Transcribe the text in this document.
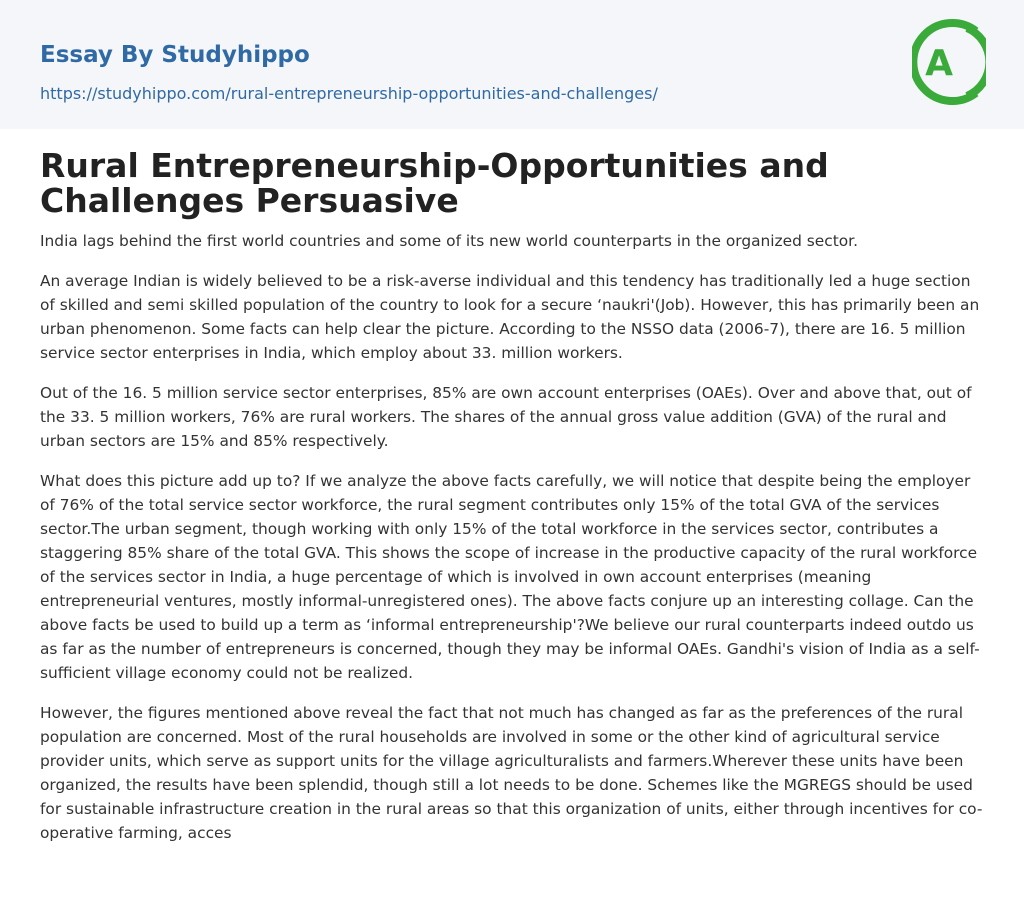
Essay By Studyhippo
https://studyhippo.com/rural-entrepreneurship-opportunities-and-challenges/
A
Rural Entrepreneurship-Opportunities and Challenges Persuasive

India lags behind the first world countries and some of its new world counterparts in the organized sector.

An average Indian is widely believed to be a risk-averse individual and this tendency has traditionally led a huge section of skilled and semi skilled population of the country to look for a secure ‘naukri'(Job). However, this has primarily been an urban phenomenon. Some facts can help clear the picture. According to the NSSO data (2006-7), there are 16. 5 million service sector enterprises in India, which employ about 33. million workers.

Out of the 16. 5 million service sector enterprises, 85% are own account enterprises (OAEs). Over and above that, out of the 33. 5 million workers, 76% are rural workers. The shares of the annual gross value addition (GVA) of the rural and urban sectors are 15% and 85% respectively.

What does this picture add up to? If we analyze the above facts carefully, we will notice that despite being the employer of 76% of the total service sector workforce, the rural segment contributes only 15% of the total GVA of the services sector.The urban segment, though working with only 15% of the total workforce in the services sector, contributes a staggering 85% share of the total GVA. This shows the scope of increase in the productive capacity of the rural workforce of the services sector in India, a huge percentage of which is involved in own account enterprises (meaning entrepreneurial ventures, mostly informal-unregistered ones). The above facts conjure up an interesting collage. Can the above facts be used to build up a term as ‘informal entrepreneurship'?We believe our rural counterparts indeed outdo us as far as the number of entrepreneurs is concerned, though they may be informal OAEs. Gandhi's vision of India as a self-sufficient village economy could not be realized.

However, the figures mentioned above reveal the fact that not much has changed as far as the preferences of the rural population are concerned. Most of the rural households are involved in some or the other kind of agricultural service provider units, which serve as support units for the village agriculturalists and farmers.Wherever these units have been organized, the results have been splendid, though still a lot needs to be done. Schemes like the MGREGS should be used for sustainable infrastructure creation in the rural areas so that this organization of units, either through incentives for co-operative farming, acces
